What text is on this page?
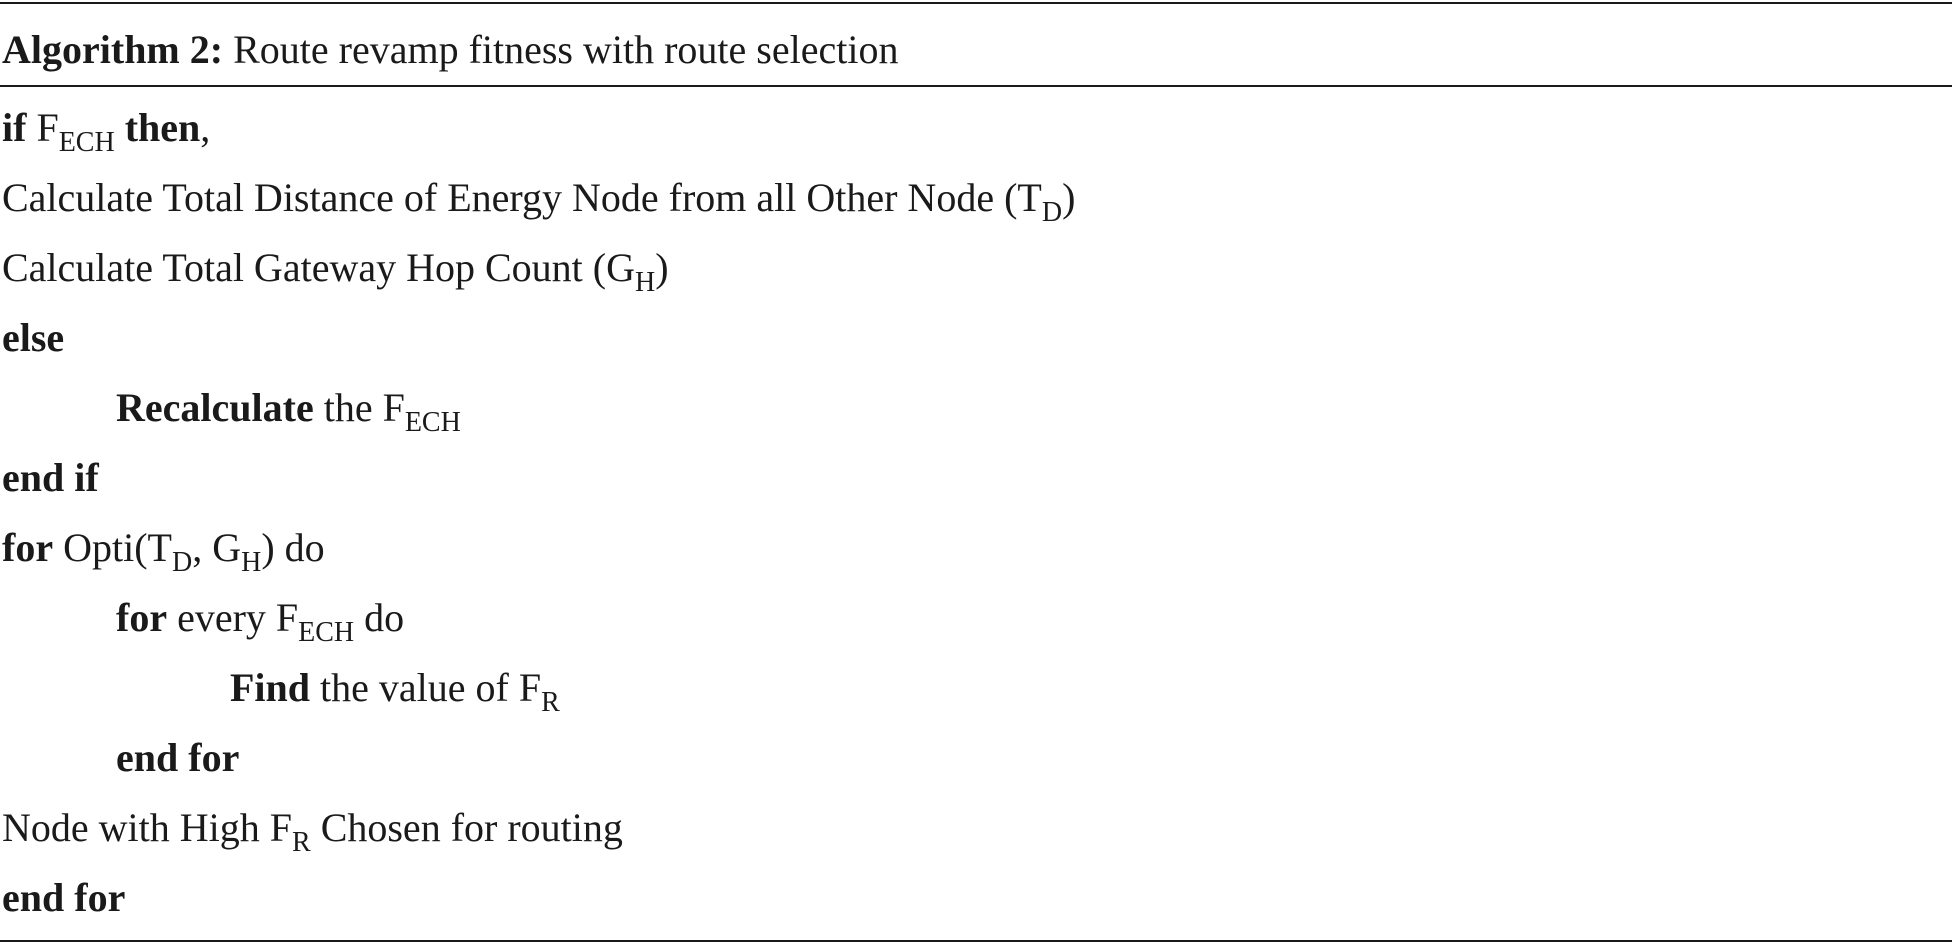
Algorithm 2: Route revamp fitness with route selection
if $F_{ECH}$ then,
Calculate Total Distance of Energy Node from all Other Node $(T_D)$
Calculate Total Gateway Hop Count $(G_H)$
else
Recalculate the $F_{ECH}$
end if
for $Opti(T_D$, $G_H$) do
for every $F_{ECH}$ do
Find the value of $F_R$
end for
Node with High $F_R$ Chosen for routing
end for
